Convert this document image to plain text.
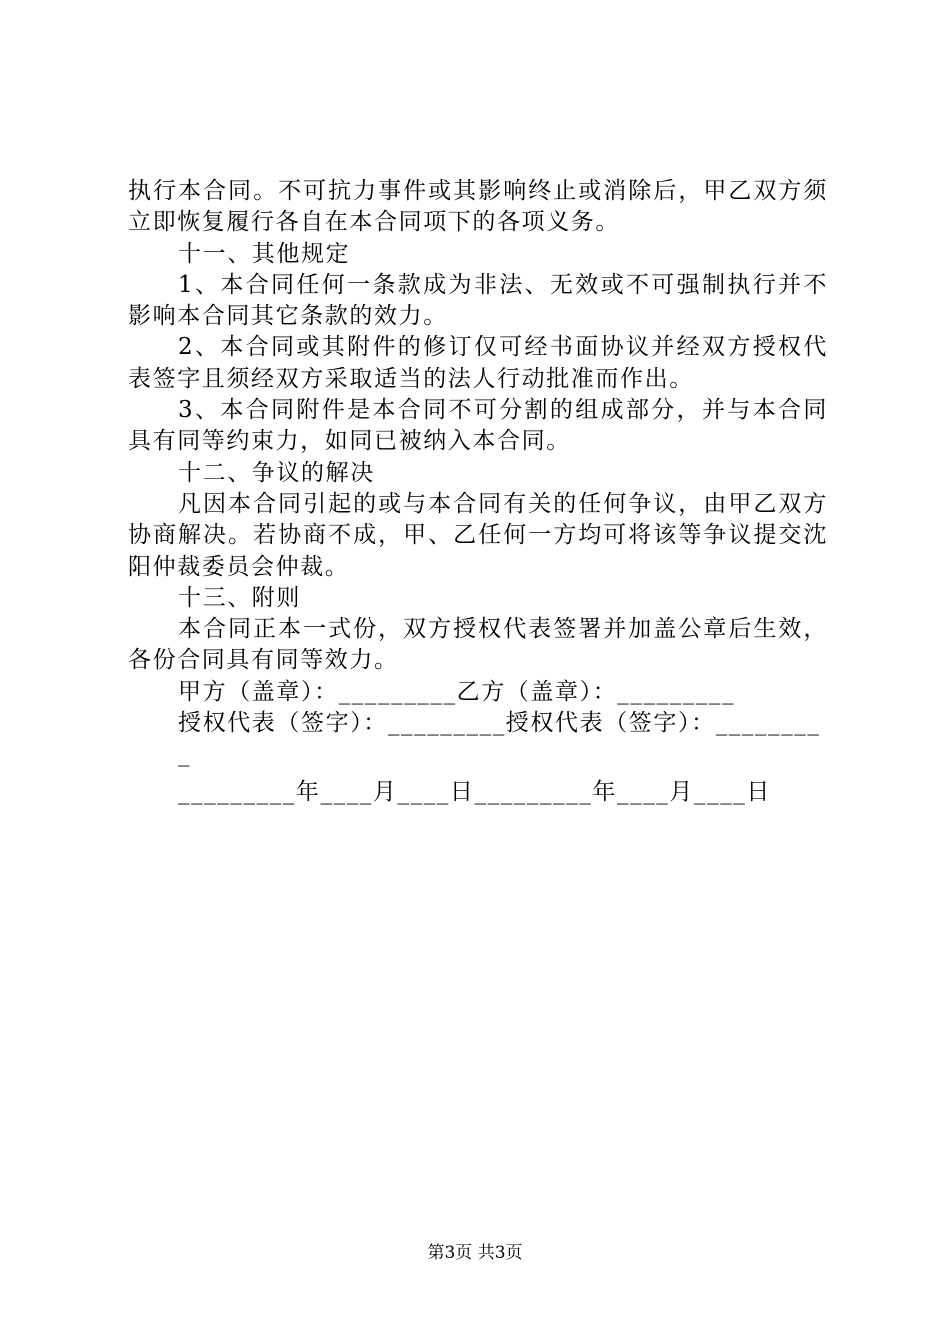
执行本合同。不可抗力事件或其影响终止或消除后，甲乙双方须立即恢复履行各自在本合同项下的各项义务。

十一、其他规定

1、本合同任何一条款成为非法、无效或不可强制执行并不影响本合同其它条款的效力。

2、本合同或其附件的修订仅可经书面协议并经双方授权代表签字且须经双方采取适当的法人行动批准而作出。

3、本合同附件是本合同不可分割的组成部分，并与本合同具有同等约束力，如同已被纳入本合同。

十二、争议的解决

凡因本合同引起的或与本合同有关的任何争议，由甲乙双方协商解决。若协商不成，甲、乙任何一方均可将该等争议提交沈阳仲裁委员会仲裁。

十三、附则

本合同正本一式份，双方授权代表签署并加盖公章后生效，各份合同具有同等效力。

甲方（盖章）：_________乙方（盖章）：_________

授权代表（签字）：_________授权代表（签字）：_________

_________年____月____日_________年____月____日

第3页 共3页
